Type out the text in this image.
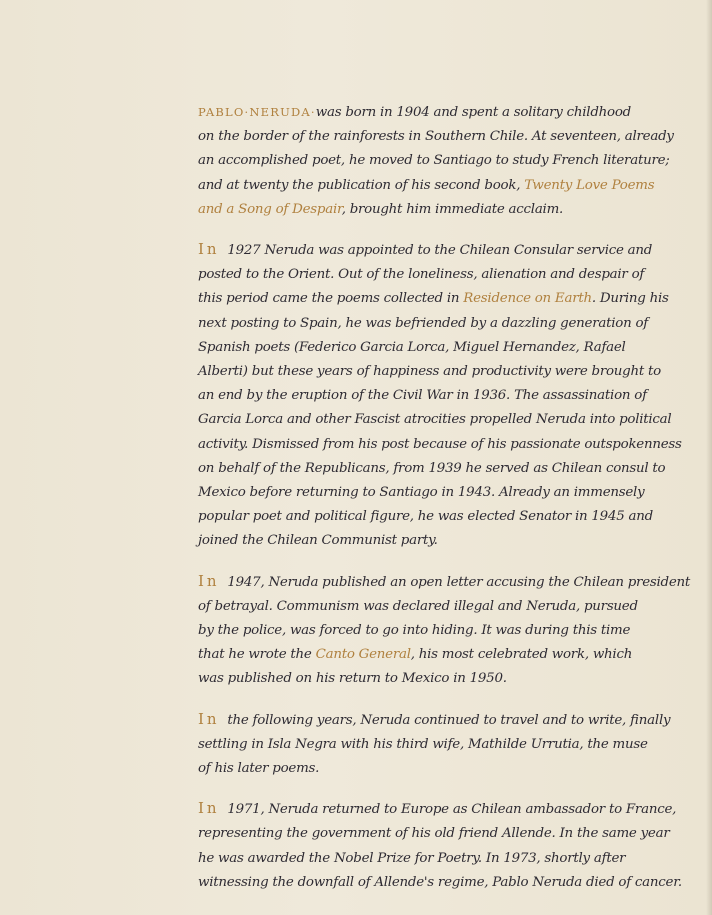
PABLO·NERUDA·was born in 1904 and spent a solitary childhood
on the border of the rainforests in Southern Chile. At seventeen, already
an accomplished poet, he moved to Santiago to study French literature;
and at twenty the publication of his second book, Twenty Love Poems
and a Song of Despair, brought him immediate acclaim.

In 1927 Neruda was appointed to the Chilean Consular service and
posted to the Orient. Out of the loneliness, alienation and despair of
this period came the poems collected in Residence on Earth. During his
next posting to Spain, he was befriended by a dazzling generation of
Spanish poets (Federico Garcia Lorca, Miguel Hernandez, Rafael
Alberti) but these years of happiness and productivity were brought to
an end by the eruption of the Civil War in 1936. The assassination of
Garcia Lorca and other Fascist atrocities propelled Neruda into political
activity. Dismissed from his post because of his passionate outspokenness
on behalf of the Republicans, from 1939 he served as Chilean consul to
Mexico before returning to Santiago in 1943. Already an immensely
popular poet and political figure, he was elected Senator in 1945 and
joined the Chilean Communist party.

In 1947, Neruda published an open letter accusing the Chilean president
of betrayal. Communism was declared illegal and Neruda, pursued
by the police, was forced to go into hiding. It was during this time
that he wrote the Canto General, his most celebrated work, which
was published on his return to Mexico in 1950.

In the following years, Neruda continued to travel and to write, finally
settling in Isla Negra with his third wife, Mathilde Urrutia, the muse
of his later poems.

In 1971, Neruda returned to Europe as Chilean ambassador to France,
representing the government of his old friend Allende. In the same year
he was awarded the Nobel Prize for Poetry. In 1973, shortly after
witnessing the downfall of Allende's regime, Pablo Neruda died of cancer.
